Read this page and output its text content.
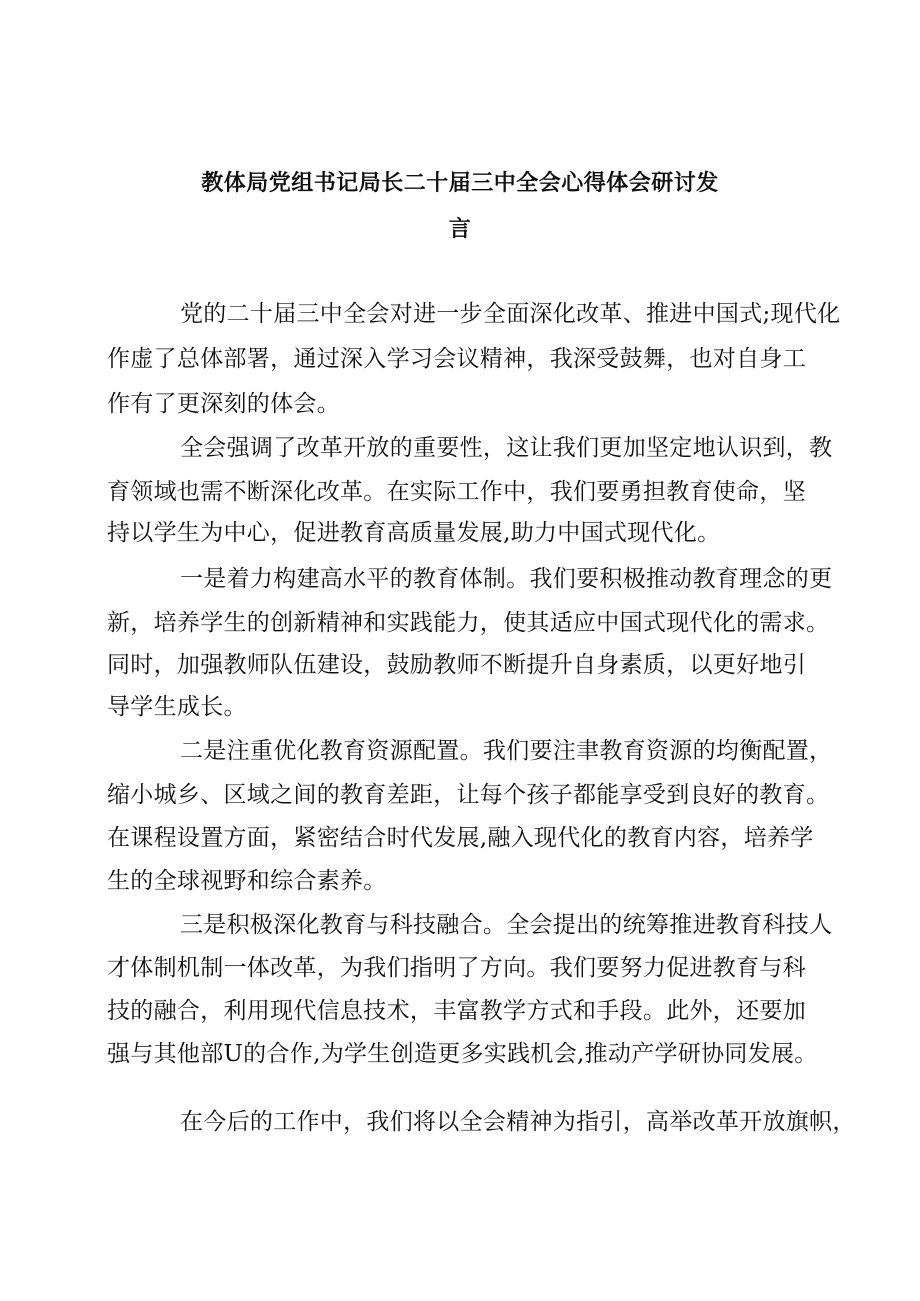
教体局党组书记局长二十届三中全会心得体会研讨发
言
党的二十届三中全会对进一步全面深化改革、推进中国式;现代化
作虚了总体部署，通过深入学习会议精神，我深受鼓舞，也对自身工
作有了更深刻的体会。
全会强调了改革开放的重要性，这让我们更加坚定地认识到，教
育领域也需不断深化改革。在实际工作中，我们要勇担教育使命，坚
持以学生为中心，促进教育高质量发展,助力中国式现代化。
一是着力构建高水平的教育体制。我们要积极推动教育理念的更
新，培养学生的创新精神和实践能力，使其适应中国式现代化的需求。
同时，加强教师队伍建设，鼓励教师不断提升自身素质，以更好地引
导学生成长。
二是注重优化教育资源配置。我们要注聿教育资源的均衡配置，
缩小城乡、区域之间的教育差距，让每个孩子都能享受到良好的教育。
在课程设置方面，紧密结合时代发展,融入现代化的教育内容，培养学
生的全球视野和综合素养。
三是积极深化教育与科技融合。全会提出的统筹推进教育科技人
才体制机制一体改革，为我们指明了方向。我们要努力促进教育与科
技的融合，利用现代信息技术，丰富教学方式和手段。此外，还要加
强与其他部U的合作,为学生创造更多实践机会,推动产学研协同发展。
在今后的工作中，我们将以全会精神为指引，高举改革开放旗帜，
